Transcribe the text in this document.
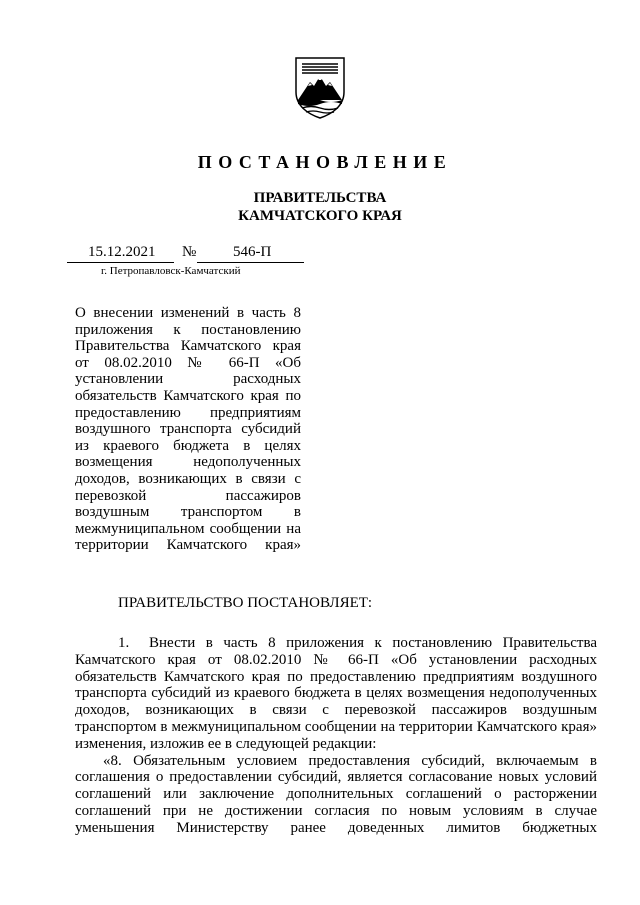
ПОСТАНОВЛЕНИЕ
ПРАВИТЕЛЬСТВА
КАМЧАТСКОГО КРАЯ
15.12.2021 № 546-П
г. Петропавловск-Камчатский
О внесении изменений в часть 8 приложения к постановлению Правительства Камчатского края от 08.02.2010 № 66-П «Об установлении расходных обязательств Камчатского края по предоставлению предприятиям воздушного транспорта субсидий из краевого бюджета в целях возмещения недополученных доходов, возникающих в связи с перевозкой пассажиров воздушным транспортом в межмуниципальном сообщении на территории Камчатского края»
ПРАВИТЕЛЬСТВО ПОСТАНОВЛЯЕТ:

1. Внести в часть 8 приложения к постановлению Правительства Камчатского края от 08.02.2010 № 66-П «Об установлении расходных обязательств Камчатского края по предоставлению предприятиям воздушного транспорта субсидий из краевого бюджета в целях возмещения недополученных доходов, возникающих в связи с перевозкой пассажиров воздушным транспортом в межмуниципальном сообщении на территории Камчатского края» изменения, изложив ее в следующей редакции:

«8. Обязательным условием предоставления субсидий, включаемым в соглашения о предоставлении субсидий, является согласование новых условий соглашений или заключение дополнительных соглашений о расторжении соглашений при не достижении согласия по новым условиям в случае уменьшения Министерству ранее доведенных лимитов бюджетных
